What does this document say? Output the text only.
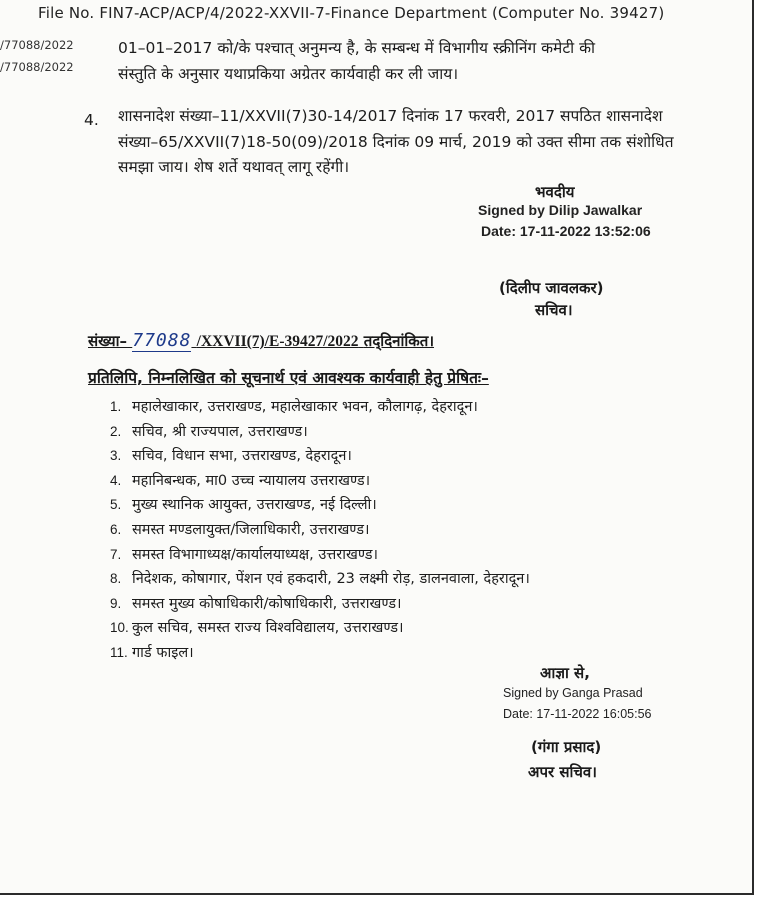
File No. FIN7-ACP/ACP/4/2022-XXVII-7-Finance Department (Computer No. 39427)
/77088/2022
/77088/2022
01–01–2017 को/के पश्चात् अनुमन्य है, के सम्बन्ध में विभागीय स्क्रीनिंग कमेटी की
संस्तुति के अनुसार यथाप्रकिया अग्रेतर कार्यवाही कर ली जाय।
4. शासनादेश संख्या–11/XXVII(7)30-14/2017 दिनांक 17 फरवरी, 2017 सपठित शासनादेश
संख्या–65/XXVII(7)18-50(09)/2018 दिनांक 09 मार्च, 2019 को उक्त सीमा तक संशोधित
समझा जाय। शेष शर्ते यथावत् लागू रहेंगी।
भवदीय
Signed by Dilip Jawalkar
Date: 17-11-2022 13:52:06
(दिलीप जावलकर)
सचिव।
संख्या– 77088 /XXVII(7)/E-39427/2022 तद्‌दिनांकित।
प्रतिलिपि, निम्नलिखित को सूचनार्थ एवं आवश्यक कार्यवाही हेतु प्रेषितः–
1. महालेखाकार, उत्तराखण्ड, महालेखाकार भवन, कौलागढ़, देहरादून।
2. सचिव, श्री राज्यपाल, उत्तराखण्ड।
3. सचिव, विधान सभा, उत्तराखण्ड, देहरादून।
4. महानिबन्धक, मा0 उच्च न्यायालय उत्तराखण्ड।
5. मुख्य स्थानिक आयुक्त, उत्तराखण्ड, नई दिल्ली।
6. समस्त मण्डलायुक्त/जिलाधिकारी, उत्तराखण्ड।
7. समस्त विभागाध्यक्ष/कार्यालयाध्यक्ष, उत्तराखण्ड।
8. निदेशक, कोषागार, पेंशन एवं हकदारी, 23 लक्ष्मी रोड़, डालनवाला, देहरादून।
9. समस्त मुख्य कोषाधिकारी/कोषाधिकारी, उत्तराखण्ड।
10. कुल सचिव, समस्त राज्य विश्वविद्यालय, उत्तराखण्ड।
11. गार्ड फाइल।
आज्ञा से,
Signed by Ganga Prasad
Date: 17-11-2022 16:05:56
(गंगा प्रसाद)
अपर सचिव।
